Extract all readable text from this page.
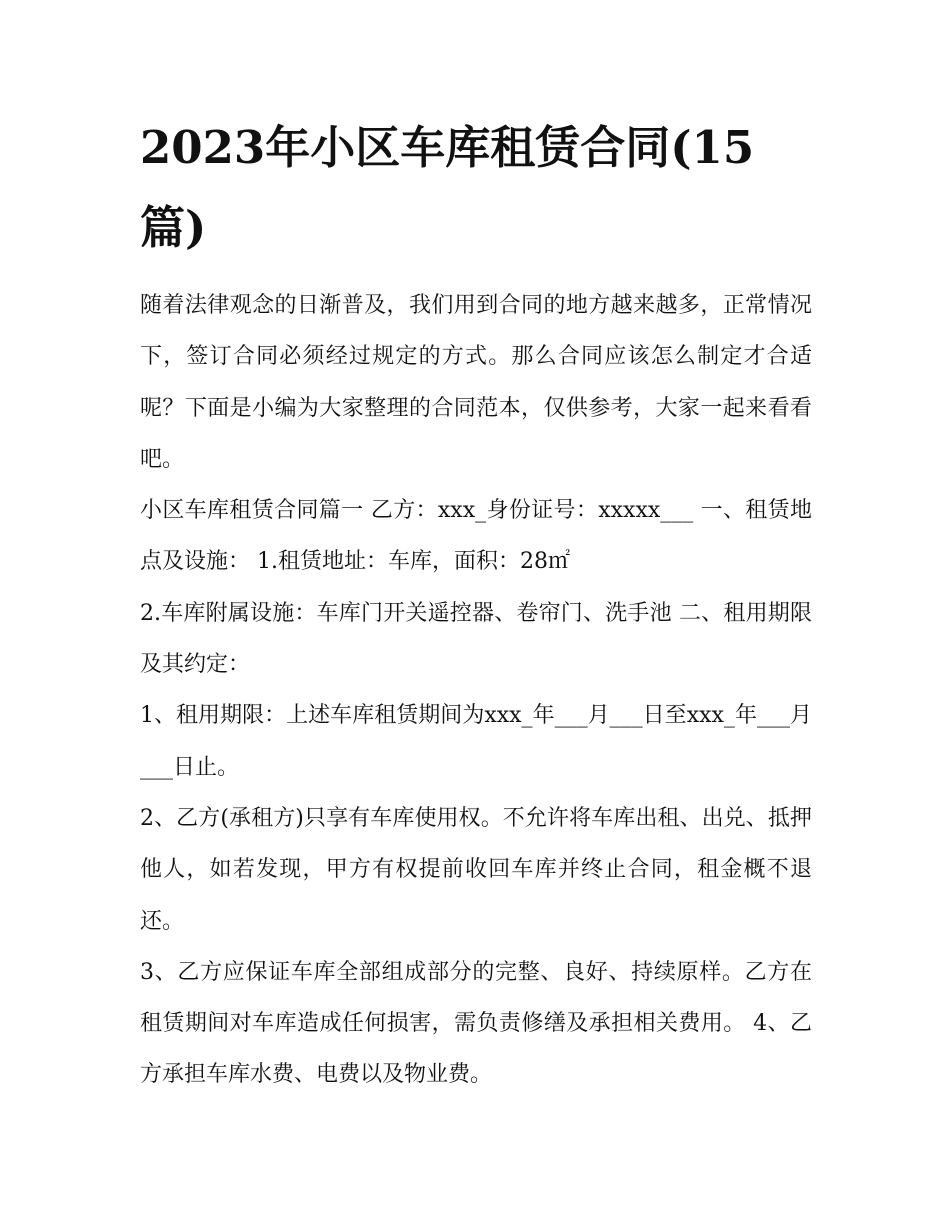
2023年小区车库租赁合同(15篇)

随着法律观念的日渐普及，我们用到合同的地方越来越多，正常情况下，签订合同必须经过规定的方式。那么合同应该怎么制定才合适呢？下面是小编为大家整理的合同范本，仅供参考，大家一起来看看吧。

小区车库租赁合同篇一 乙方：xxx_身份证号：xxxxx___ 一、租赁地点及设施： 1.租赁地址：车库，面积：28㎡

2.车库附属设施：车库门开关遥控器、卷帘门、洗手池 二、租用期限及其约定：

1、租用期限：上述车库租赁期间为xxx_年___月___日至xxx_年___月___日止。

2、乙方(承租方)只享有车库使用权。不允许将车库出租、出兑、抵押他人，如若发现，甲方有权提前收回车库并终止合同，租金概不退还。

3、乙方应保证车库全部组成部分的完整、良好、持续原样。乙方在租赁期间对车库造成任何损害，需负责修缮及承担相关费用。 4、乙方承担车库水费、电费以及物业费。
